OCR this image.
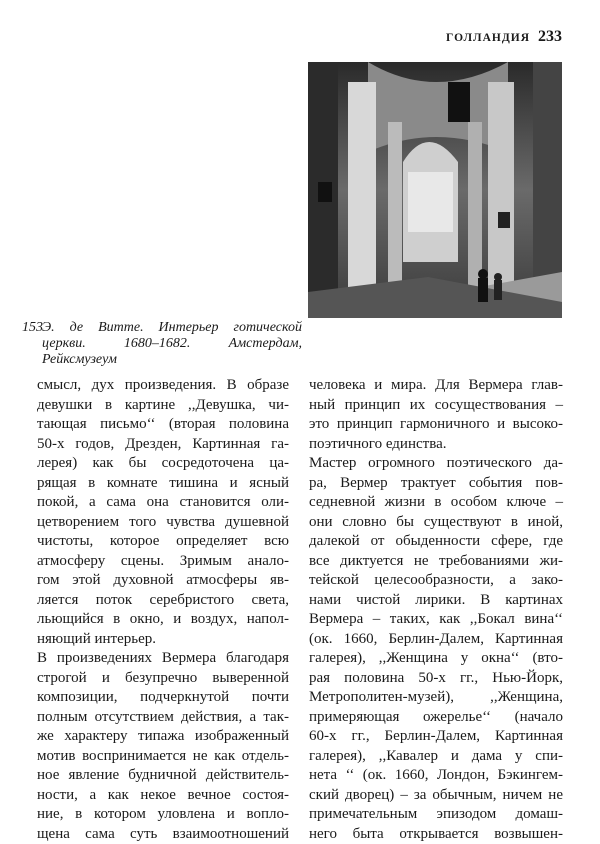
ГОЛЛАНДИЯ 233
153 Э. де Витте. Интерьер готической церкви. 1680–1682. Амстердам, Рейксмузеум
смысл, дух произведения. В образе
девушки в картине ,,Девушка, чи-
тающая письмо‘‘ (вторая половина
50-х годов, Дрезден, Картинная га-
лерея) как бы сосредоточена ца-
рящая в комнате тишина и ясный
покой, а сама она становится оли-
цетворением того чувства душевной
чистоты, которое определяет всю
атмосферу сцены. Зримым анало-
гом этой духовной атмосферы яв-
ляется поток серебристого света,
льющийся в окно, и воздух, напол-
няющий интерьер.
В произведениях Вермера благодаря
строгой и безупречно выверенной
композиции, подчеркнутой почти
полным отсутствием действия, а так-
же характеру типажа изображенный
мотив воспринимается не как отдель-
ное явление будничной действитель-
ности, а как некое вечное состоя-
ние, в котором уловлена и вопло-
щена сама суть взаимоотношений
человека и мира. Для Вермера глав-
ный принцип их сосуществования –
это принцип гармоничного и высоко-
поэтичного единства.
Мастер огромного поэтического да-
ра, Вермер трактует события пов-
седневной жизни в особом ключе –
они словно бы существуют в иной,
далекой от обыденности сфере, где
все диктуется не требованиями жи-
тейской целесообразности, а зако-
нами чистой лирики. В картинах
Вермера – таких, как ,,Бокал вина‘‘
(ок. 1660, Берлин-Далем, Картинная
галерея), ,,Женщина у окна‘‘ (вто-
рая половина 50-х гг., Нью-Йорк,
Метрополитен-музей), ,,Женщина,
примеряющая ожерелье‘‘ (начало
60-х гг., Берлин-Далем, Картинная
галерея), ,,Кавалер и дама у спи-
нета ‘‘ (ок. 1660, Лондон, Бэкингем-
ский дворец) – за обычным, ничем не
примечательным эпизодом домаш-
него быта открывается возвышен-
